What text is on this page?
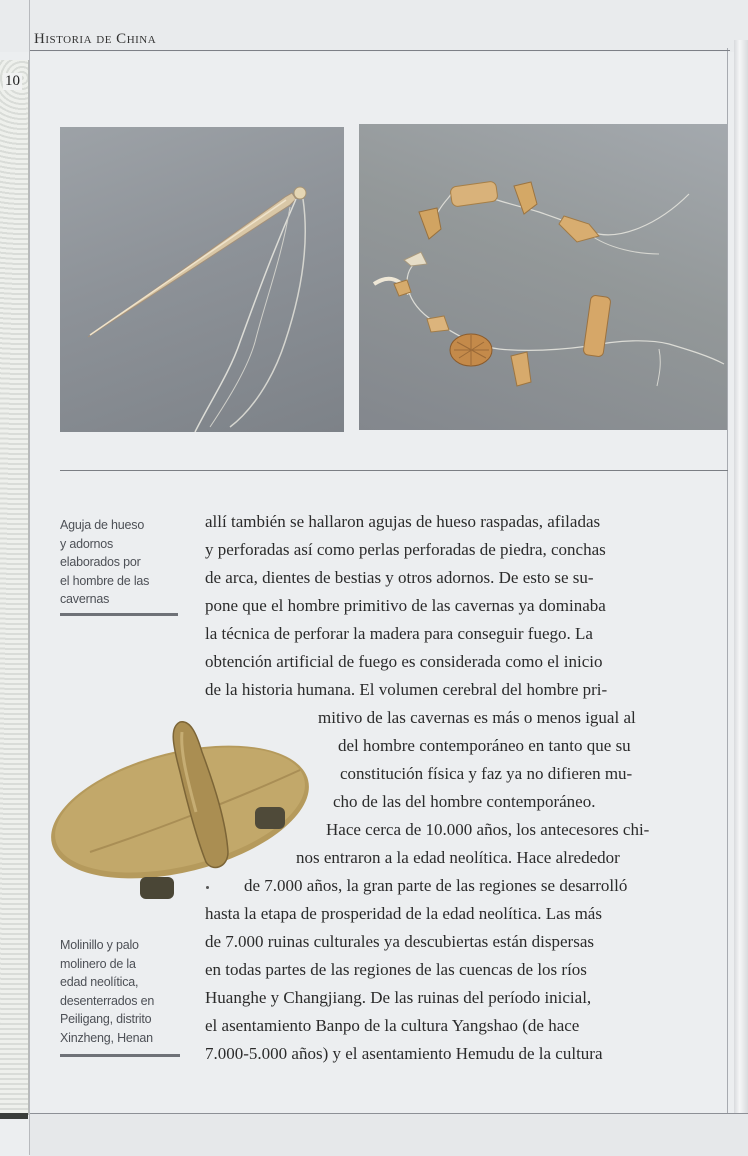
Historia de China
10
Aguja de hueso
y adornos
elaborados por
el hombre de las
cavernas
Molinillo y palo
molinero de la
edad neolítica,
desenterrados en
Peiligang, distrito
Xinzheng, Henan
allí también se hallaron agujas de hueso raspadas, afiladas
y perforadas así como perlas perforadas de piedra, conchas
de arca, dientes de bestias y otros adornos. De esto se su-
pone que el hombre primitivo de las cavernas ya dominaba
la técnica de perforar la madera para conseguir fuego. La
obtención artificial de fuego es considerada como el inicio
de la historia humana. El volumen cerebral del hombre pri-
mitivo de las cavernas es más o menos igual al
del hombre contemporáneo en tanto que su
constitución física y faz ya no difieren mu-
cho de las del hombre contemporáneo.
Hace cerca de 10.000 años, los antecesores chi-
nos entraron a la edad neolítica. Hace alrededor
de 7.000 años, la gran parte de las regiones se desarrolló
hasta la etapa de prosperidad de la edad neolítica. Las más
de 7.000 ruinas culturales ya descubiertas están dispersas
en todas partes de las regiones de las cuencas de los ríos
Huanghe y Changjiang. De las ruinas del período inicial,
el asentamiento Banpo de la cultura Yangshao (de hace
7.000-5.000 años) y el asentamiento Hemudu de la cultura
